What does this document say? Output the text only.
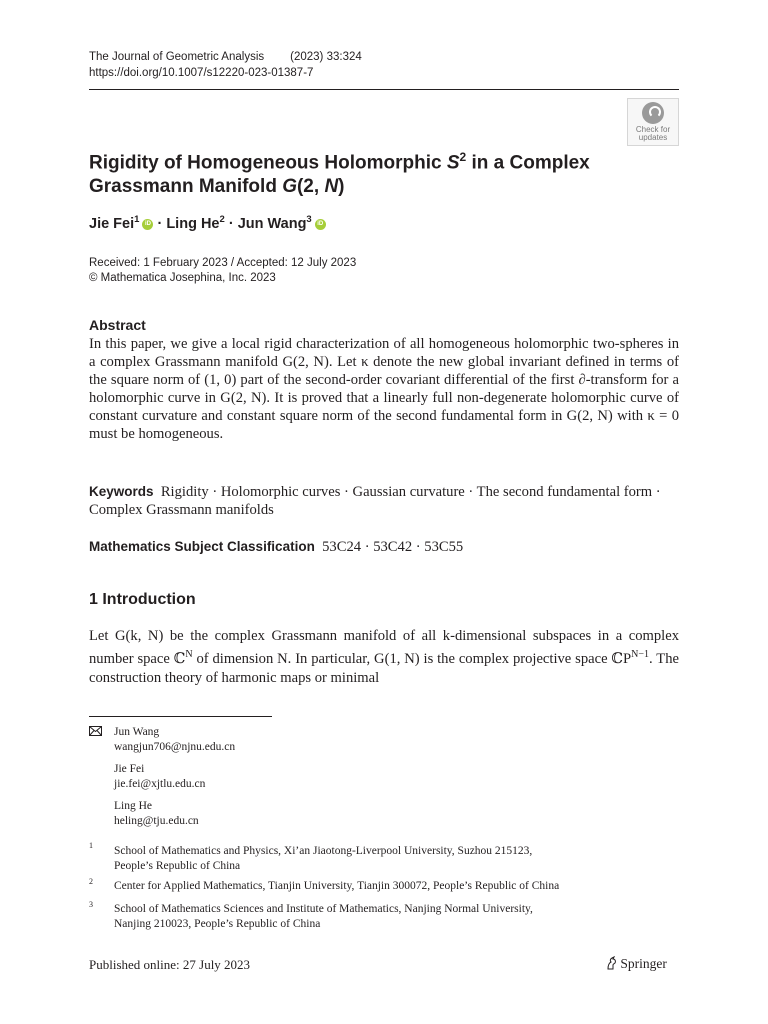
The Journal of Geometric Analysis (2023) 33:324
https://doi.org/10.1007/s12220-023-01387-7
Check for
updates
Rigidity of Homogeneous Holomorphic $S^2$ in a Complex
Grassmann Manifold G(2, N)
Jie Fei$^1$ iD · Ling $He^2$ · Jun Wang$^3$ iD
Received: 1 February 2023 / Accepted: 12 July 2023
© Mathematica Josephina, Inc. 2023
Abstract
In this paper, we give a local rigid characterization of all homogeneous holomorphic two-spheres in a complex Grassmann manifold G(2, N). Let κ denote the new global invariant defined in terms of the square norm of (1, 0) part of the second-order covariant differential of the first ∂-transform for a holomorphic curve in G(2, N). It is proved that a linearly full non-degenerate holomorphic curve of constant curvature and constant square norm of the second fundamental form in G(2, N) with κ = 0 must be homogeneous.
Keywords Rigidity · Holomorphic curves · Gaussian curvature · The second fundamental form · Complex Grassmann manifolds
Mathematics Subject Classification 53C24 · 53C42 · 53C55
1 Introduction
Let G(k, N) be the complex Grassmann manifold of all k-dimensional subspaces in a complex number space ℂ$^N$ of dimension N. In particular, G(1, N) is the complex projective space ℂP$^{N-1}$. The construction theory of harmonic maps or minimal
Jun Wang
wangjun706@njnu.edu.cn
Jie Fei
jie.fei@xjtlu.edu.cn
Ling He
heling@tju.edu.cn
1 School of Mathematics and Physics, Xi’an Jiaotong-Liverpool University, Suzhou 215123,
People’s Republic of China
2 Center for Applied Mathematics, Tianjin University, Tianjin 300072, People’s Republic of China
3 School of Mathematics Sciences and Institute of Mathematics, Nanjing Normal University,
Nanjing 210023, People’s Republic of China
Published online: 27 July 2023	Springer
